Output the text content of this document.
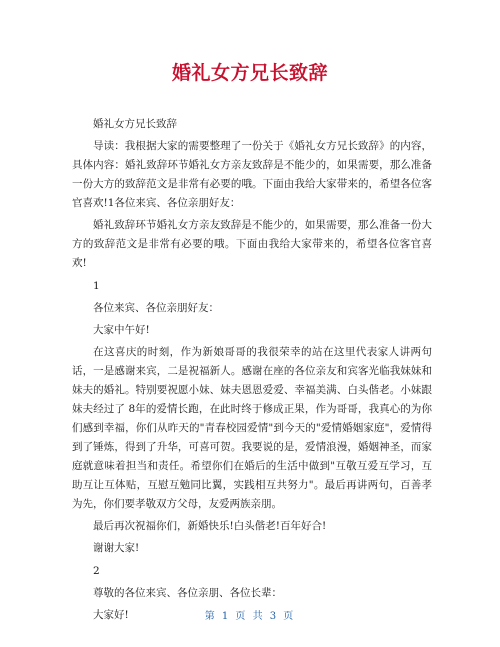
婚礼女方兄长致辞

婚礼女方兄长致辞

导读：我根据大家的需要整理了一份关于《婚礼女方兄长致辞》的内容，具体内容：婚礼致辞环节婚礼女方亲友致辞是不能少的，如果需要，那么准备一份大方的致辞范文是非常有必要的哦。下面由我给大家带来的，希望各位客官喜欢!1各位来宾、各位亲朋好友：

婚礼致辞环节婚礼女方亲友致辞是不能少的，如果需要，那么准备一份大方的致辞范文是非常有必要的哦。下面由我给大家带来的，希望各位客官喜欢!

1

各位来宾、各位亲朋好友：

大家中午好!

在这喜庆的时刻，作为新娘哥哥的我很荣幸的站在这里代表家人讲两句话，一是感谢来宾，二是祝福新人。感谢在座的各位亲友和宾客光临我妹妹和妹夫的婚礼。特别要祝愿小妹、妹夫恩恩爱爱、幸福美满、白头偕老。小妹跟妹夫经过了 8年的爱情长跑，在此时终于修成正果，作为哥哥，我真心的为你们感到幸福，你们从昨天的"青春校园爱情"到今天的"爱情婚姻家庭"，爱情得到了锤炼，得到了升华，可喜可贺。我要说的是，爱情浪漫，婚姻神圣，而家庭就意味着担当和责任。希望你们在婚后的生活中做到"互敬互爱互学习，互助互让互体贴，互慰互勉同比翼，实践相互共努力"。最后再讲两句，百善孝为先，你们要孝敬双方父母，友爱两族亲朋。

最后再次祝福你们，新婚快乐!白头偕老!百年好合!

谢谢大家!

2

尊敬的各位来宾、各位亲朋、各位长辈：

大家好!	第 1 页 共 3 页
